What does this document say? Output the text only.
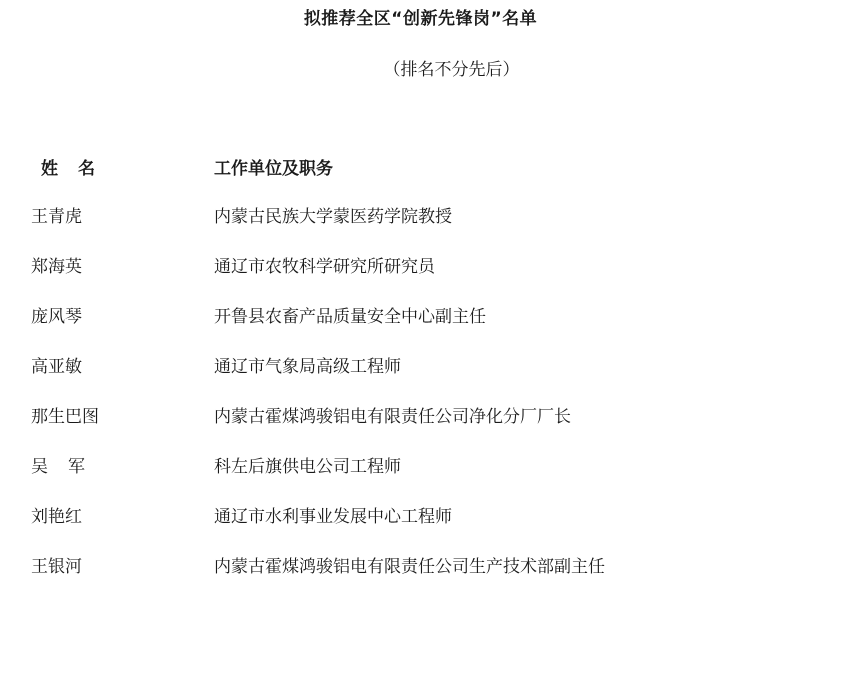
拟推荐全区“创新先锋岗”名单
（排名不分先后）
姓名	工作单位及职务
王青虎	内蒙古民族大学蒙医药学院教授
郑海英	通辽市农牧科学研究所研究员
庞风琴	开鲁县农畜产品质量安全中心副主任
高亚敏	通辽市气象局高级工程师
那生巴图	内蒙古霍煤鸿骏铝电有限责任公司净化分厂厂长
吴军	科左后旗供电公司工程师
刘艳红	通辽市水利事业发展中心工程师
王银河	内蒙古霍煤鸿骏铝电有限责任公司生产技术部副主任
